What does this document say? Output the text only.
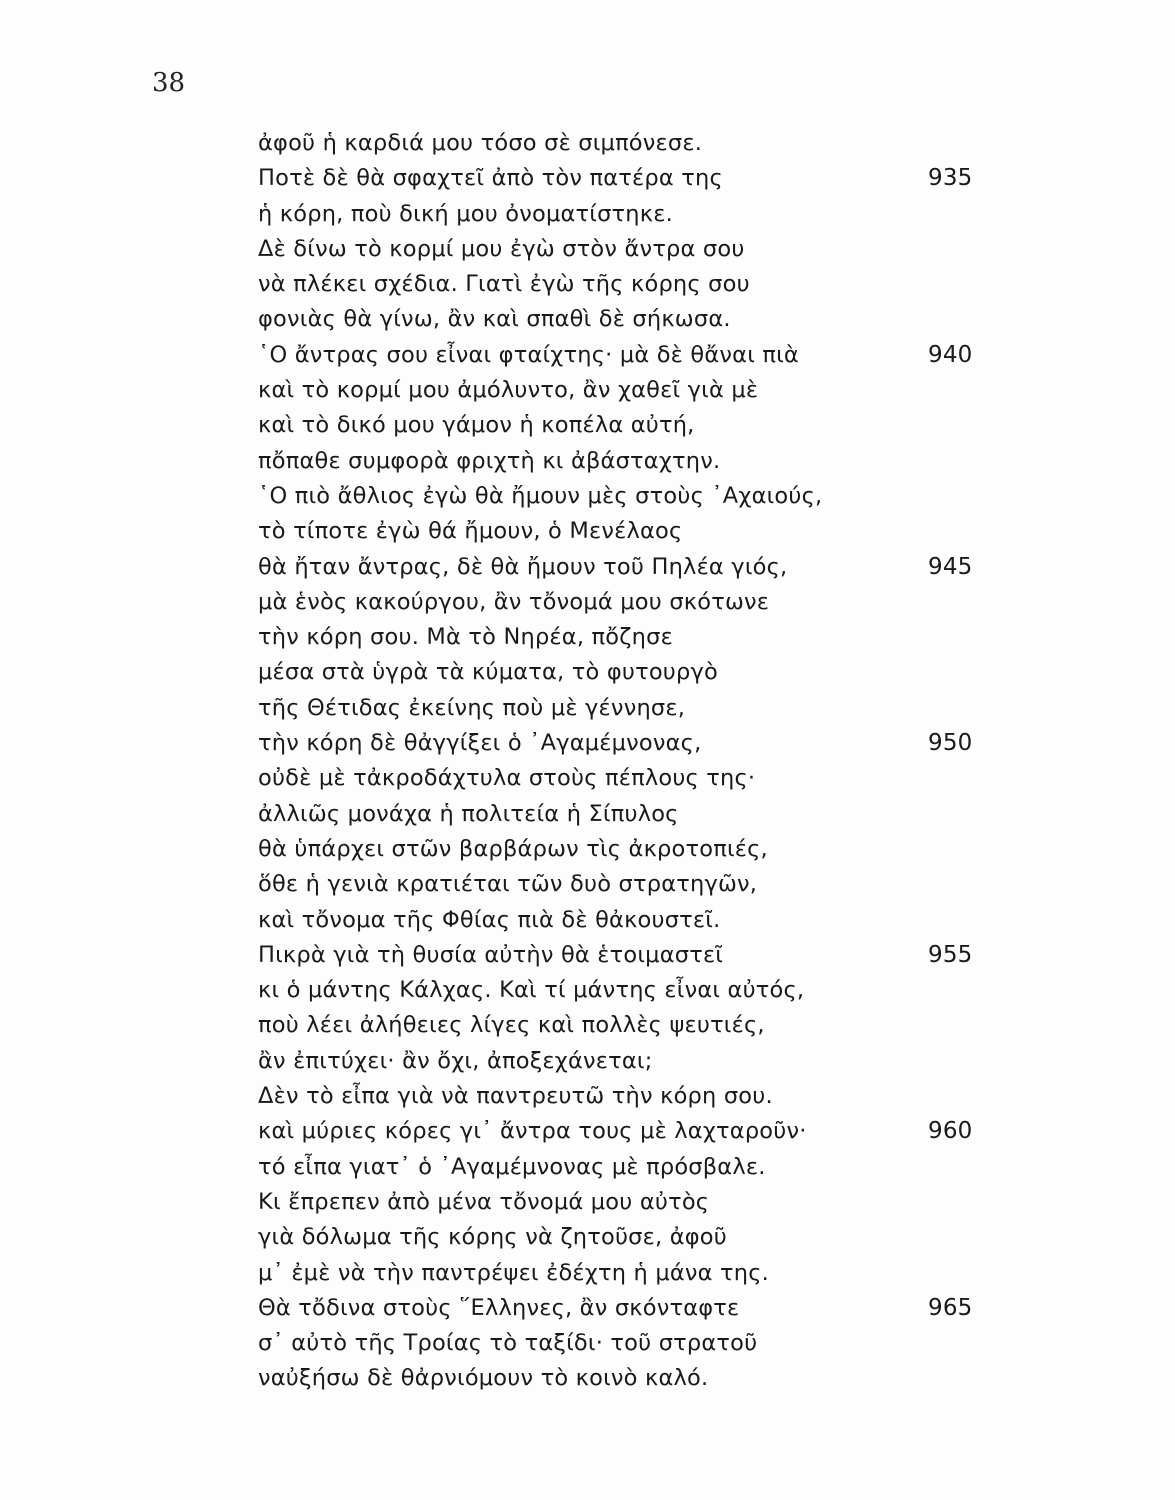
38
ἀφοῦ ἡ καρδιά μου τόσο σὲ σιμπόνεσε.
Ποτὲ δὲ θὰ σφαχτεῖ ἀπὸ τὸν πατέρα της	935
ἡ κόρη, ποὺ δική μου ὀνοματίστηκε.
Δὲ δίνω τὸ κορμί μου ἐγὼ στὸν ἄντρα σου
νὰ πλέκει σχέδια. Γιατὶ ἐγὼ τῆς κόρης σου
φονιὰς θὰ γίνω, ἂν καὶ σπαθὶ δὲ σήκωσα.
῾Ο ἄντρας σου εἶναι φταίχτης· μὰ δὲ θἄναι πιὰ	940
καὶ τὸ κορμί μου ἀμόλυντο, ἂν χαθεῖ γιὰ μὲ
καὶ τὸ δικό μου γάμον ἡ κοπέλα αὐτή,
πὄπαθε συμφορὰ φριχτὴ κι ἀβάσταχτην.
῾Ο πιὸ ἄθλιος ἐγὼ θὰ ἤμουν μὲς στοὺς ᾿Αχαιούς,
τὸ τίποτε ἐγὼ θά ἤμουν, ὁ Μενέλαος
θὰ ἤταν ἄντρας, δὲ θὰ ἤμουν τοῦ Πηλέα γιός,	945
μὰ ἑνὸς κακούργου, ἂν τὄνομά μου σκότωνε
τὴν κόρη σου. Μὰ τὸ Νηρέα, πὄζησε
μέσα στὰ ὑγρὰ τὰ κύματα, τὸ φυτουργὸ
τῆς Θέτιδας ἐκείνης ποὺ μὲ γέννησε,
τὴν κόρη δὲ θἀγγίξει ὁ ᾿Αγαμέμνονας,	950
οὐδὲ μὲ τἀκροδάχτυλα στοὺς πέπλους της·
ἀλλιῶς μονάχα ἡ πολιτεία ἡ Σίπυλος
θὰ ὑπάρχει στῶν βαρβάρων τὶς ἀκροτοπιές,
ὅθε ἡ γενιὰ κρατιέται τῶν δυὸ στρατηγῶν,
καὶ τὄνομα τῆς Φθίας πιὰ δὲ θἀκουστεῖ.
Πικρὰ γιὰ τὴ θυσία αὐτὴν θὰ ἑτοιμαστεῖ	955
κι ὁ μάντης Κάλχας. Καὶ τί μάντης εἶναι αὐτός,
ποὺ λέει ἀλήθειες λίγες καὶ πολλὲς ψευτιές,
ἂν ἐπιτύχει· ἂν ὄχι, ἀποξεχάνεται;
Δὲν τὸ εἶπα γιὰ νὰ παντρευτῶ τὴν κόρη σου.
καὶ μύριες κόρες γι᾿ ἄντρα τους μὲ λαχταροῦν·	960
τό εἶπα γιατ᾿ ὁ ᾿Αγαμέμνονας μὲ πρόσβαλε.
Κι ἔπρεπεν ἀπὸ μένα τὄνομά μου αὐτὸς
γιὰ δόλωμα τῆς κόρης νὰ ζητοῦσε, ἀφοῦ
μ᾿ ἐμὲ νὰ τὴν παντρέψει ἐδέχτη ἡ μάνα της.
Θὰ τὄδινα στοὺς ῞Ελληνες, ἂν σκόνταφτε	965
σ᾿ αὐτὸ τῆς Τροίας τὸ ταξίδι· τοῦ στρατοῦ
ναὐξήσω δὲ θἀρνιόμουν τὸ κοινὸ καλό.
